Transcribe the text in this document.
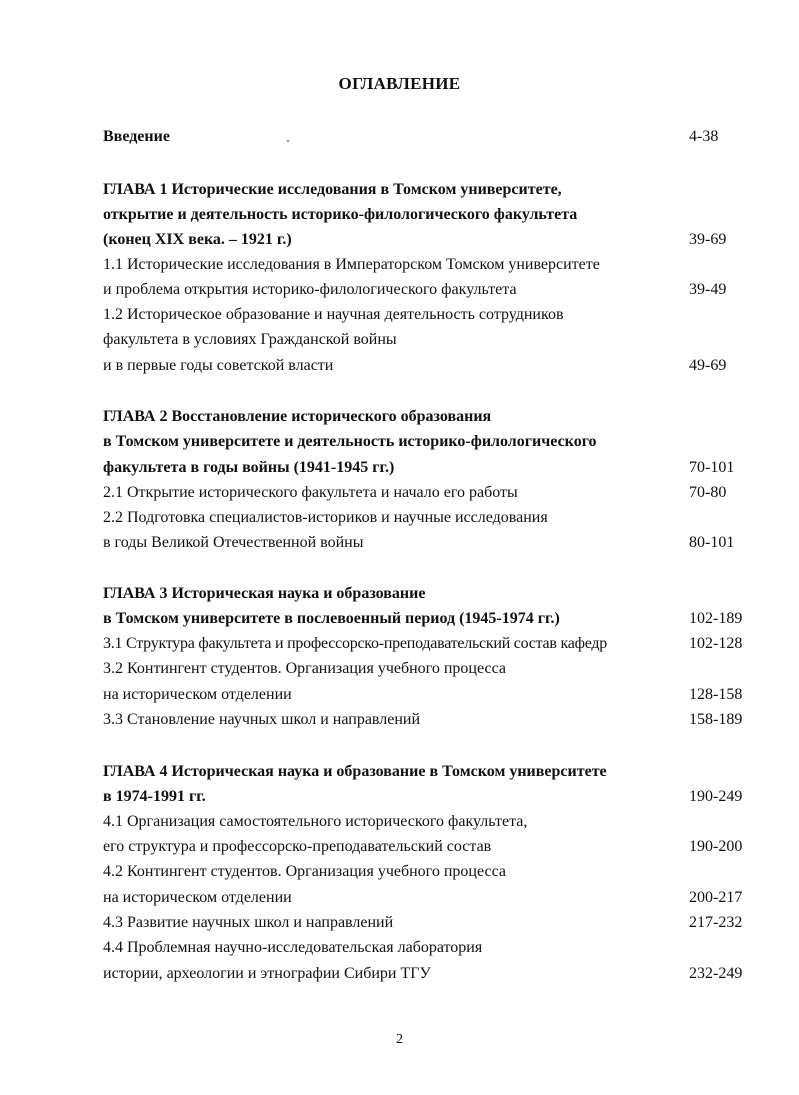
ОГЛАВЛЕНИЕ
Введение	4-38
ГЛАВА 1 Исторические исследования в Томском университете,
открытие и деятельность историко-филологического факультета
(конец XIX века. – 1921 г.)	39-69
1.1 Исторические исследования в Императорском Томском университете
и проблема открытия историко-филологического факультета	39-49
1.2 Историческое образование и научная деятельность сотрудников
факультета в условиях Гражданской войны
и в первые годы советской власти	49-69
ГЛАВА 2 Восстановление исторического образования
в Томском университете и деятельность историко-филологического
факультета в годы войны (1941-1945 гг.)	70-101
2.1 Открытие исторического факультета и начало его работы	70-80
2.2 Подготовка специалистов-историков и научные исследования
в годы Великой Отечественной войны	80-101
ГЛАВА 3 Историческая наука и образование
в Томском университете в послевоенный период (1945-1974 гг.)	102-189
3.1 Структура факультета и профессорско-преподавательский состав кафедр	102-128
3.2 Контингент студентов. Организация учебного процесса
на историческом отделении	128-158
3.3 Становление научных школ и направлений	158-189
ГЛАВА 4 Историческая наука и образование в Томском университете
в 1974-1991 гг.	190-249
4.1 Организация самостоятельного исторического факультета,
его структура и профессорско-преподавательский состав	190-200
4.2 Контингент студентов. Организация учебного процесса
на историческом отделении	200-217
4.3 Развитие научных школ и направлений	217-232
4.4 Проблемная научно-исследовательская лаборатория
истории, археологии и этнографии Сибири ТГУ	232-249
2
